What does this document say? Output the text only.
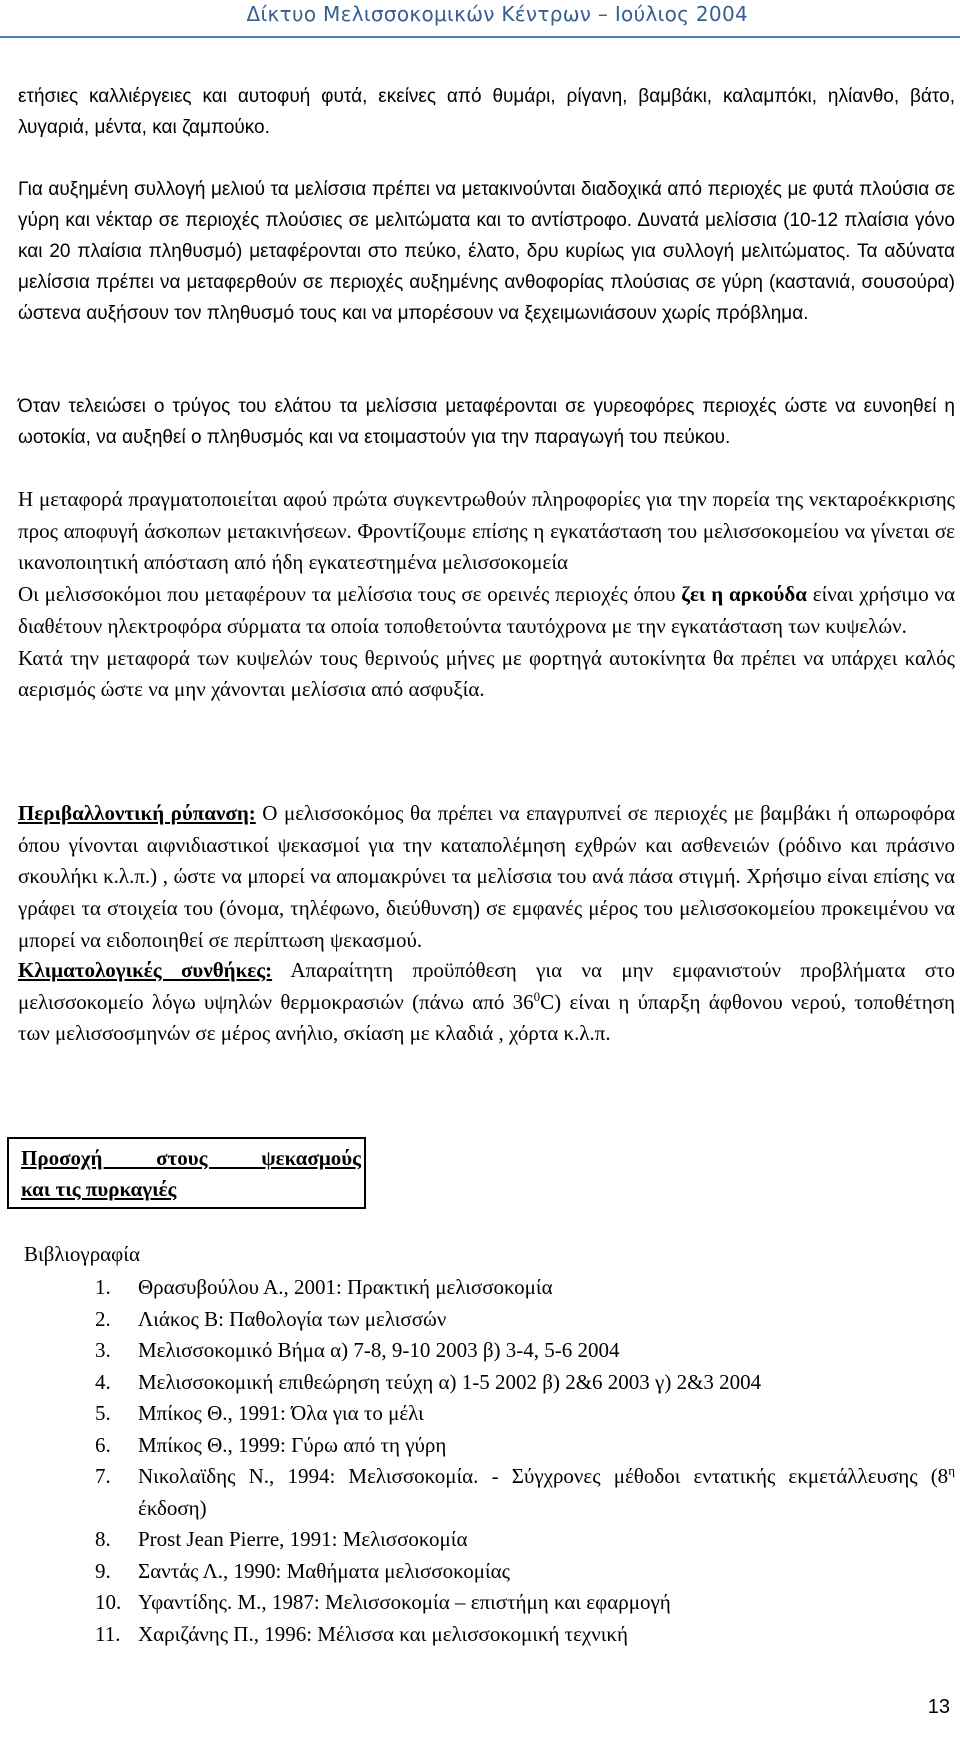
Δίκτυο Μελισσοκομικών Κέντρων – Ιούλιος 2004

ετήσιες καλλιέργειες και αυτοφυή φυτά, εκείνες από θυμάρι, ρίγανη, βαμβάκι, καλαμπόκι, ηλίανθο, βάτο, λυγαριά, μέντα, και ζαμπούκο.

Για αυξημένη συλλογή μελιού τα μελίσσια πρέπει να μετακινούνται διαδοχικά από περιοχές με φυτά πλούσια σε γύρη και νέκταρ σε περιοχές πλούσιες σε μελιτώματα και το αντίστροφο. Δυνατά μελίσσια (10-12 πλαίσια γόνο και 20 πλαίσια πληθυσμό) μεταφέρονται στο πεύκο, έλατο, δρυ κυρίως για συλλογή μελιτώματος. Τα αδύνατα μελίσσια πρέπει να μεταφερθούν σε περιοχές αυξημένης ανθοφορίας πλούσιας σε γύρη (καστανιά, σουσούρα) ώστενα αυξήσουν τον πληθυσμό τους και να μπορέσουν να ξεχειμωνιάσουν χωρίς πρόβλημα.

Όταν τελειώσει ο τρύγος του ελάτου τα μελίσσια μεταφέρονται σε γυρεοφόρες περιοχές ώστε να ευνοηθεί η ωοτοκία, να αυξηθεί ο πληθυσμός και να ετοιμαστούν για την παραγωγή του πεύκου.

Η μεταφορά πραγματοποιείται αφού πρώτα συγκεντρωθούν πληροφορίες για την πορεία της νεκταροέκκρισης προς αποφυγή άσκοπων μετακινήσεων. Φροντίζουμε επίσης η εγκατάσταση του μελισσοκομείου να γίνεται σε ικανοποιητική απόσταση από ήδη εγκατεστημένα μελισσοκομεία
Οι μελισσοκόμοι που μεταφέρουν τα μελίσσια τους σε ορεινές περιοχές όπου ζει η αρκούδα είναι χρήσιμο να διαθέτουν ηλεκτροφόρα σύρματα τα οποία τοποθετούντα ταυτόχρονα με την εγκατάσταση των κυψελών.
Κατά την μεταφορά των κυψελών τους θερινούς μήνες με φορτηγά αυτοκίνητα θα πρέπει να υπάρχει καλός αερισμός ώστε να μην χάνονται μελίσσια από ασφυξία.
Περιβαλλοντική ρύπανση: Ο μελισσοκόμος θα πρέπει να επαγρυπνεί σε περιοχές με βαμβάκι ή οπωροφόρα όπου γίνονται αιφνιδιαστικοί ψεκασμοί για την καταπολέμηση εχθρών και ασθενειών (ρόδινο και πράσινο σκουλήκι κ.λ.π.) , ώστε να μπορεί να απομακρύνει τα μελίσσια του ανά πάσα στιγμή. Χρήσιμο είναι επίσης να γράφει τα στοιχεία του (όνομα, τηλέφωνο, διεύθυνση) σε εμφανές μέρος του μελισσοκομείου προκειμένου να μπορεί να ειδοποιηθεί σε περίπτωση ψεκασμού.
Κλιματολογικές συνθήκες: Απαραίτητη προϋπόθεση για να μην εμφανιστούν προβλήματα στο μελισσοκομείο λόγω υψηλών θερμοκρασιών (πάνω από $36^0C$) είναι η ύπαρξη άφθονου νερού, τοποθέτηση των μελισσοσμηνών σε μέρος ανήλιο, σκίαση με κλαδιά , χόρτα κ.λ.π.
Προσοχή στους ψεκασμούς
και τις πυρκαγιές
Βιβλιογραφία
1.	Θρασυβούλου Α., 2001: Πρακτική μελισσοκομία
2.	Λιάκος Β: Παθολογία των μελισσών
3.	Μελισσοκομικό Βήμα α) 7-8, 9-10 2003 β) 3-4, 5-6 2004
4.	Μελισσοκομική επιθεώρηση τεύχη α) 1-5 2002 β) 2&6 2003 γ) 2&3 2004
5.	Μπίκος Θ., 1991: Όλα για το μέλι
6.	Μπίκος Θ., 1999: Γύρω από τη γύρη
7.	Νικολαϊδης Ν., 1994: Μελισσοκομία. - Σύγχρονες μέθοδοι εντατικής εκμετάλλευσης ($8^\eta$ έκδοση)
8.	Prost Jean Pierre, 1991: Μελισσοκομία
9.	Σαντάς Λ., 1990: Μαθήματα μελισσοκομίας
10. Υφαντίδης. Μ., 1987: Μελισσοκομία – επιστήμη και εφαρμογή
11. Χαριζάνης Π., 1996: Μέλισσα και μελισσοκομική τεχνική
13
